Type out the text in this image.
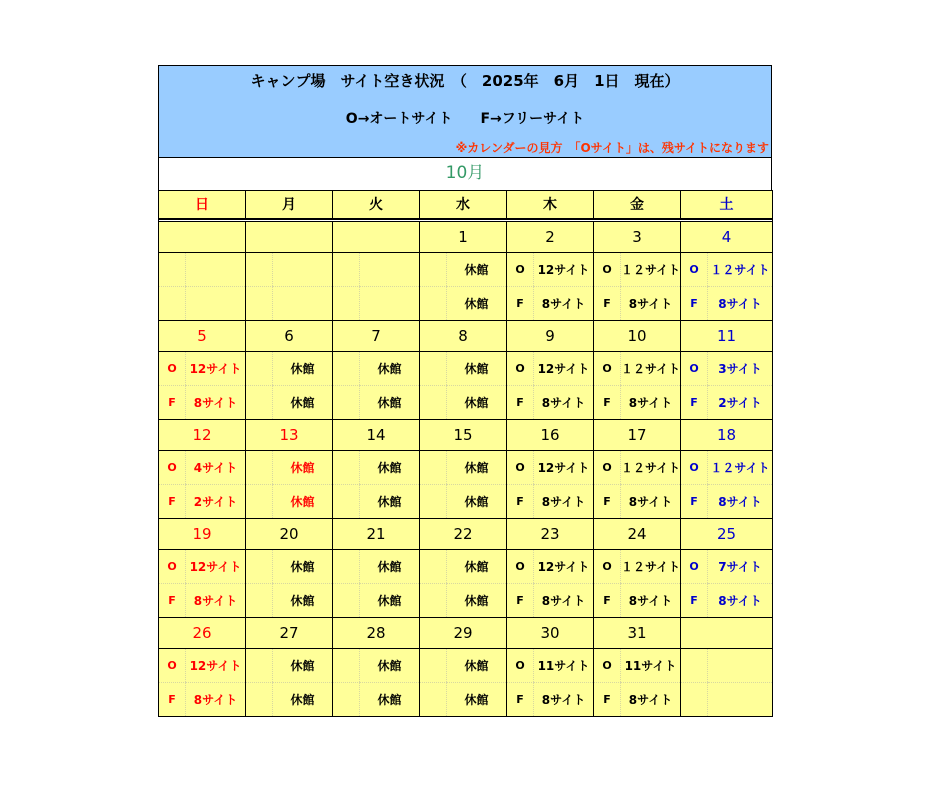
キャンプ場　サイト空き状況　（　2025年　6月　1日　現在）
O→オートサイト　　F→フリーサイト
※カレンダーの見方　「Oサイト」は、残サイトになります
10月
日		月		火		水		木		金		土	

						1		2		3		4	
							休館	O	12サイト	O	１２サイト	O	１２サイト
							休館	F	8サイト	F	8サイト	F	8サイト
5		6		7		8		9		10		11	
O	12サイト		休館		休館		休館	O	12サイト	O	１２サイト	O	3サイト
F	8サイト		休館		休館		休館	F	8サイト	F	8サイト	F	2サイト
12		13		14		15		16		17		18	
O	4サイト		休館		休館		休館	O	12サイト	O	１２サイト	O	１２サイト
F	2サイト		休館		休館		休館	F	8サイト	F	8サイト	F	8サイト
19		20		21		22		23		24		25	
O	12サイト		休館		休館		休館	O	12サイト	O	１２サイト	O	7サイト
F	8サイト		休館		休館		休館	F	8サイト	F	8サイト	F	8サイト
26		27		28		29		30		31			
O	12サイト		休館		休館		休館	O	11サイト	O	11サイト		
F	8サイト		休館		休館		休館	F	8サイト	F	8サイト		
